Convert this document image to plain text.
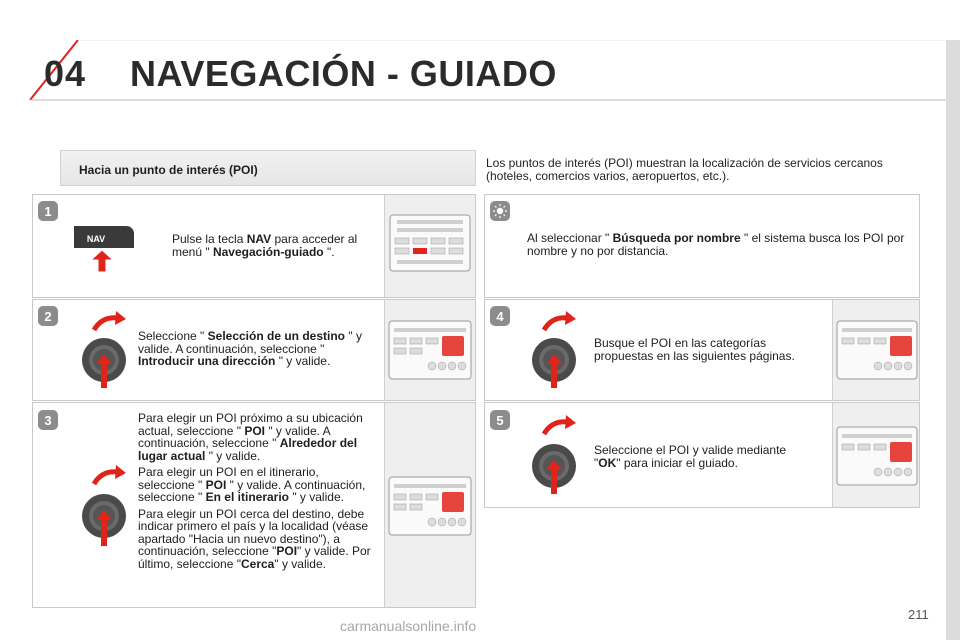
04 NAVEGACIÓN - GUIADO
Hacia un punto de interés (POI)	Los puntos de interés (POI) muestran la localización de servicios cercanos (hoteles, comercios varios, aeropuertos, etc.).
1
2
3
4
5
NAV	Pulse la tecla NAV para acceder al menú " Navegación-guiado ".
Seleccione " Selección de un destino " y valide. A continuación, seleccione " Introducir una dirección " y valide.
Para elegir un POI próximo a su ubicación actual, seleccione " POI " y valide. A continuación, seleccione " Alrededor del lugar actual " y valide.
Para elegir un POI en el itinerario, seleccione " POI " y valide. A continuación, seleccione " En el itinerario " y valide.
Para elegir un POI cerca del destino, debe indicar primero el país y la localidad (véase apartado "Hacia un nuevo destino"), a continuación, seleccione "POI" y valide. Por último, seleccione "Cerca" y valide.
Al seleccionar " Búsqueda por nombre " el sistema busca los POI por nombre y no por distancia.
Busque el POI en las categorías propuestas en las siguientes páginas.
Seleccione el POI y valide mediante "OK" para iniciar el guiado.
211
carmanualsonline.info
